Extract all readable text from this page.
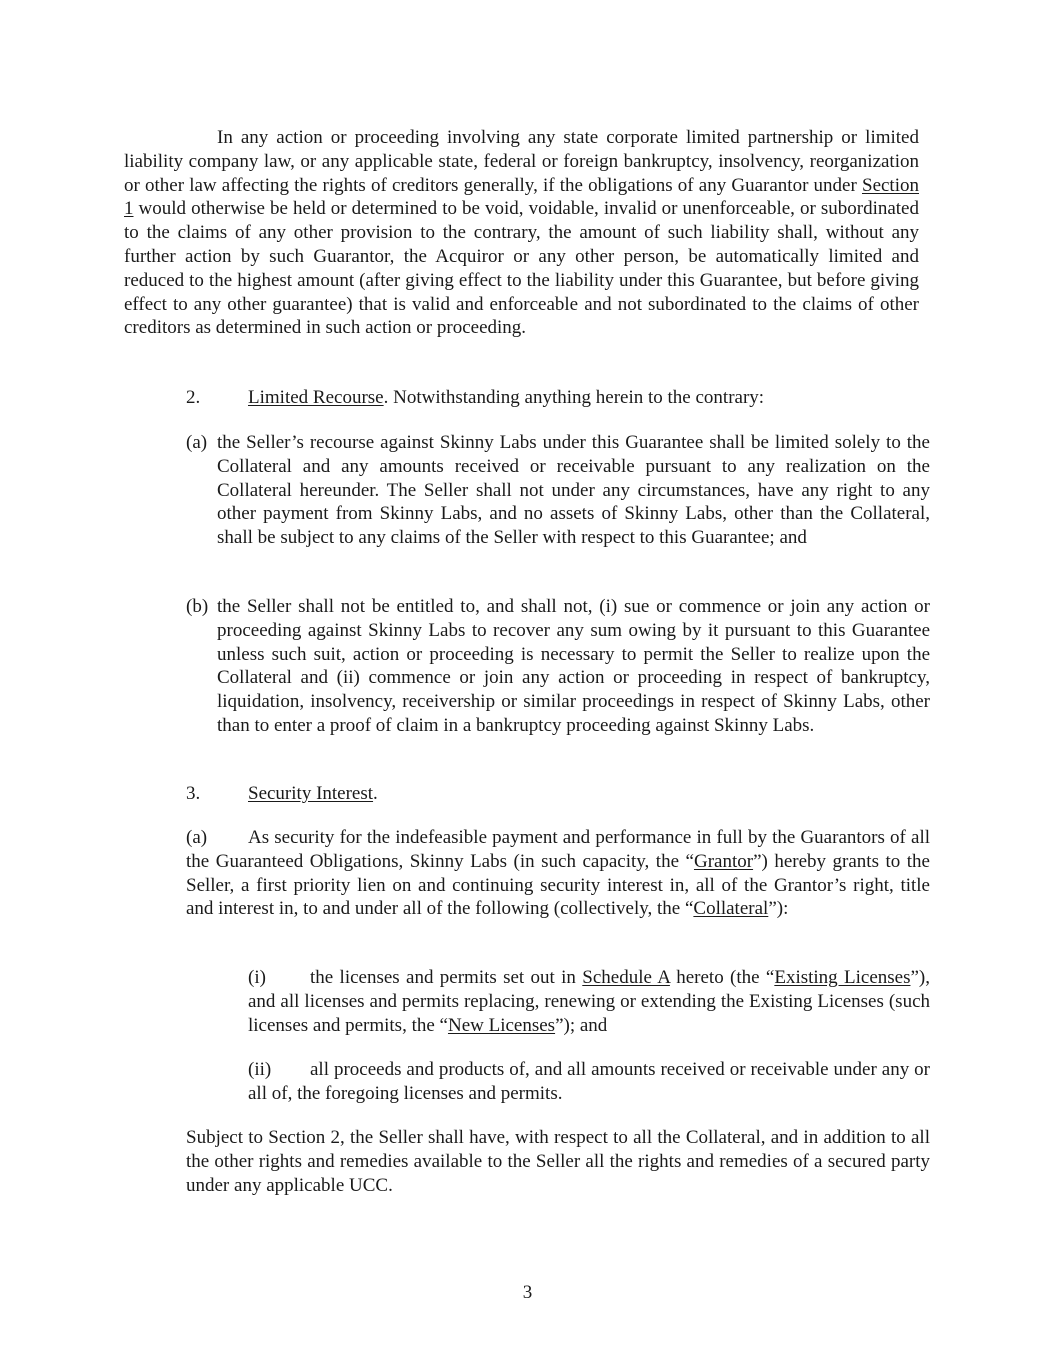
In any action or proceeding involving any state corporate limited partnership or limited liability company law, or any applicable state, federal or foreign bankruptcy, insolvency, reorganization or other law affecting the rights of creditors generally, if the obligations of any Guarantor under Section 1 would otherwise be held or determined to be void, voidable, invalid or unenforceable, or subordinated to the claims of any other provision to the contrary, the amount of such liability shall, without any further action by such Guarantor, the Acquiror or any other person, be automatically limited and reduced to the highest amount (after giving effect to the liability under this Guarantee, but before giving effect to any other guarantee) that is valid and enforceable and not subordinated to the claims of other creditors as determined in such action or proceeding.

2.	Limited Recourse. Notwithstanding anything herein to the contrary:

(a) the Seller’s recourse against Skinny Labs under this Guarantee shall be limited solely to the Collateral and any amounts received or receivable pursuant to any realization on the Collateral hereunder. The Seller shall not under any circumstances, have any right to any other payment from Skinny Labs, and no assets of Skinny Labs, other than the Collateral, shall be subject to any claims of the Seller with respect to this Guarantee; and

(b) the Seller shall not be entitled to, and shall not, (i) sue or commence or join any action or proceeding against Skinny Labs to recover any sum owing by it pursuant to this Guarantee unless such suit, action or proceeding is necessary to permit the Seller to realize upon the Collateral and (ii) commence or join any action or proceeding in respect of bankruptcy, liquidation, insolvency, receivership or similar proceedings in respect of Skinny Labs, other than to enter a proof of claim in a bankruptcy proceeding against Skinny Labs.

3.	Security Interest.

(a) As security for the indefeasible payment and performance in full by the Guarantors of all the Guaranteed Obligations, Skinny Labs (in such capacity, the “Grantor”) hereby grants to the Seller, a first priority lien on and continuing security interest in, all of the Grantor’s right, title and interest in, to and under all of the following (collectively, the “Collateral”):

(i) the licenses and permits set out in Schedule A hereto (the “Existing Licenses”), and all licenses and permits replacing, renewing or extending the Existing Licenses (such licenses and permits, the “New Licenses”); and

(ii) all proceeds and products of, and all amounts received or receivable under any or all of, the foregoing licenses and permits.

Subject to Section 2, the Seller shall have, with respect to all the Collateral, and in addition to all the other rights and remedies available to the Seller all the rights and remedies of a secured party under any applicable UCC.

3
